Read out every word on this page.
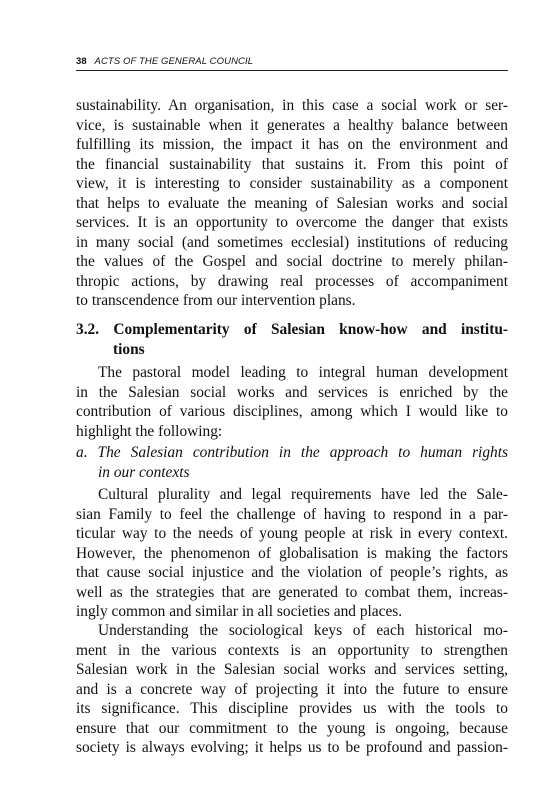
38 ACTS OF THE GENERAL COUNCIL
sustainability. An organisation, in this case a social work or ser-
vice, is sustainable when it generates a healthy balance between
fulfilling its mission, the impact it has on the environment and
the financial sustainability that sustains it. From this point of
view, it is interesting to consider sustainability as a component
that helps to evaluate the meaning of Salesian works and social
services. It is an opportunity to overcome the danger that exists
in many social (and sometimes ecclesial) institutions of reducing
the values of the Gospel and social doctrine to merely philan-
thropic actions, by drawing real processes of accompaniment
to transcendence from our intervention plans.
3.2. Complementarity of Salesian know-how and institu-
tions
The pastoral model leading to integral human development
in the Salesian social works and services is enriched by the
contribution of various disciplines, among which I would like to
highlight the following:
a. The Salesian contribution in the approach to human rights
in our contexts
Cultural plurality and legal requirements have led the Sale-
sian Family to feel the challenge of having to respond in a par-
ticular way to the needs of young people at risk in every context.
However, the phenomenon of globalisation is making the factors
that cause social injustice and the violation of people’s rights, as
well as the strategies that are generated to combat them, increas-
ingly common and similar in all societies and places.
Understanding the sociological keys of each historical mo-
ment in the various contexts is an opportunity to strengthen
Salesian work in the Salesian social works and services setting,
and is a concrete way of projecting it into the future to ensure
its significance. This discipline provides us with the tools to
ensure that our commitment to the young is ongoing, because
society is always evolving; it helps us to be profound and passion-
